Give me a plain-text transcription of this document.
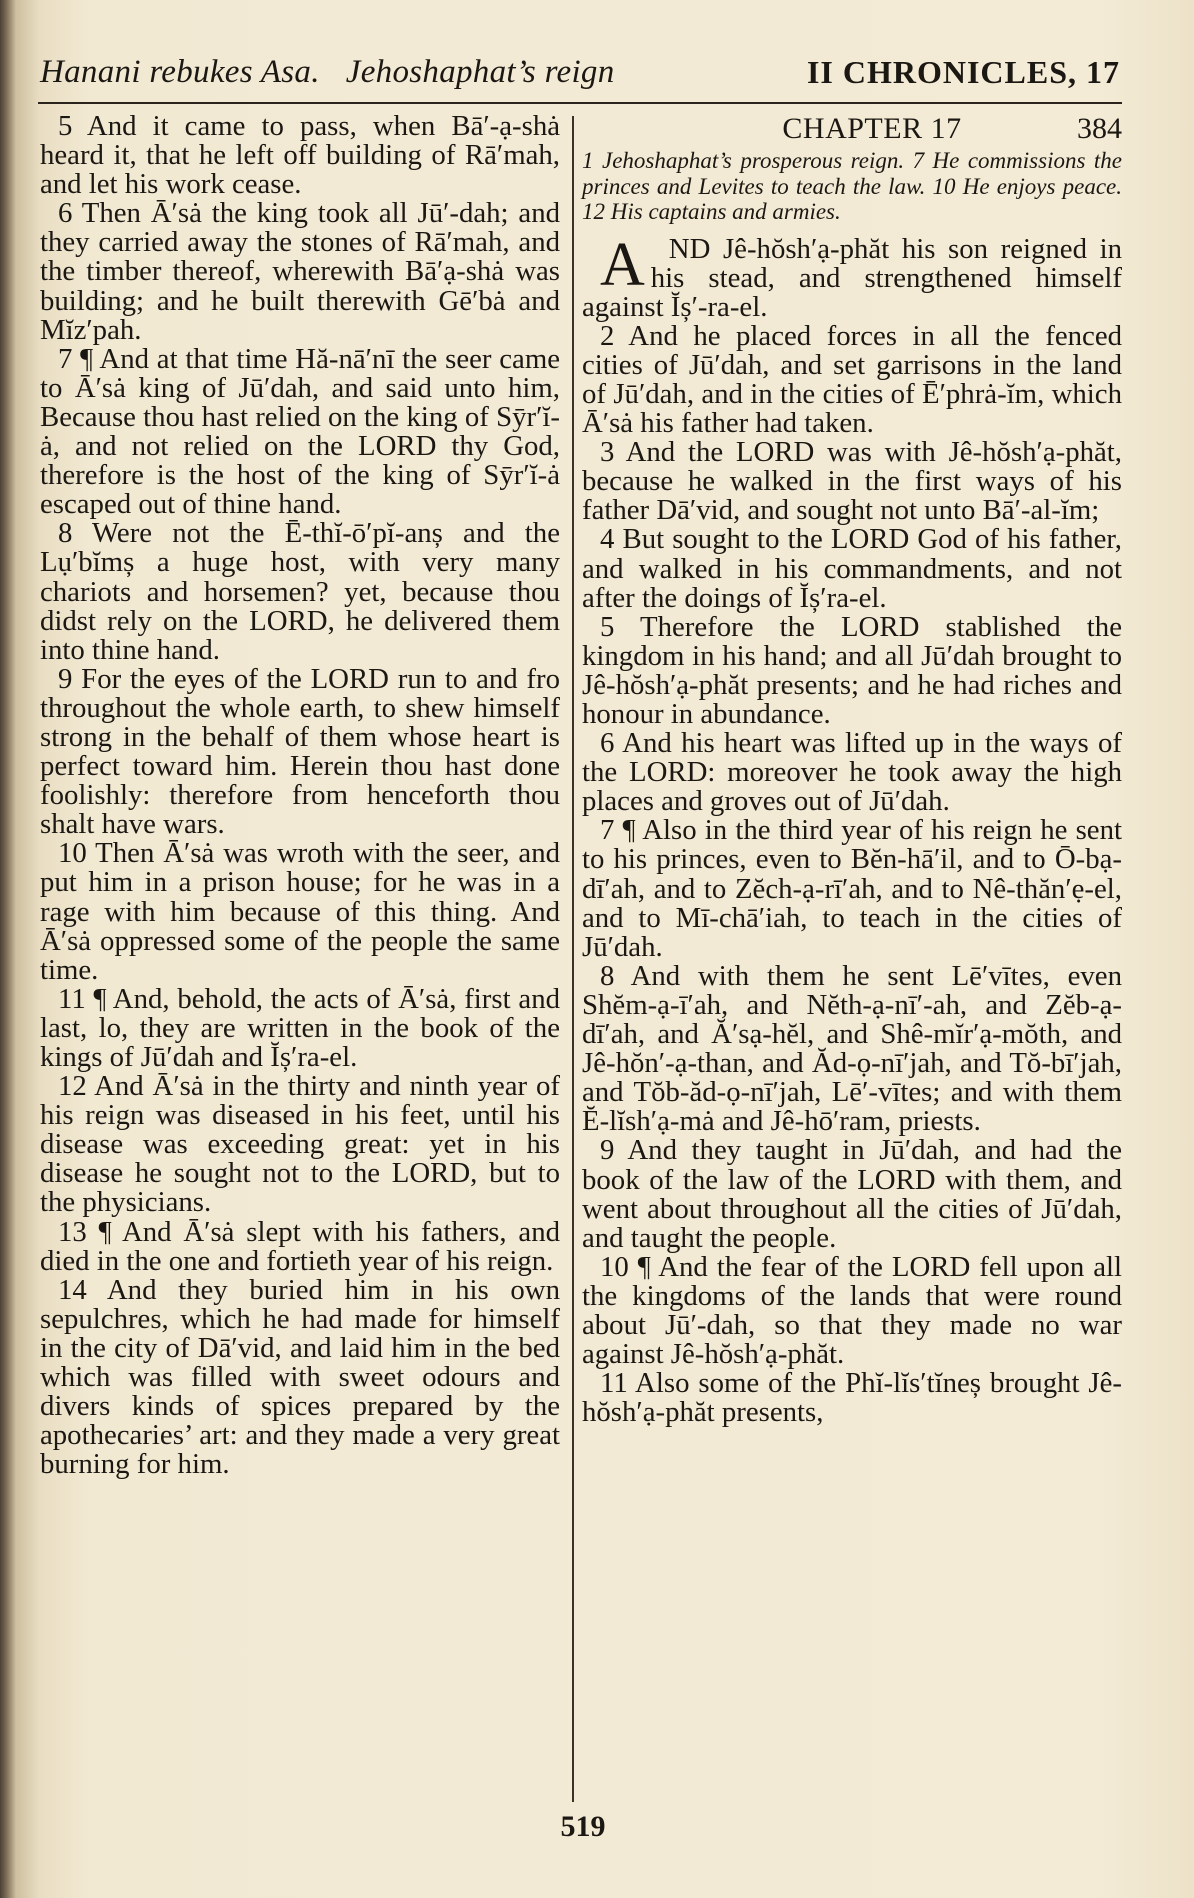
Hanani rebukes Asa. Jehoshaphat’s reign	II CHRONICLES, 17

5 And it came to pass, when Bā′-ạ-shȧ heard it, that he left off building of Rā′mah, and let his work cease.

6 Then Ā′sȧ the king took all Jū′-dah; and they carried away the stones of Rā′mah, and the timber thereof, wherewith Bā′ạ-shȧ was building; and he built therewith Gē′bȧ and Mĭz′pah.

7 ¶ And at that time Hă-nā′nī the seer came to Ā′sȧ king of Jū′dah, and said unto him, Because thou hast relied on the king of Sȳr′ĭ-ȧ, and not relied on the LORD thy God, therefore is the host of the king of Sȳr′ĭ-ȧ escaped out of thine hand.

8 Were not the Ē-thĭ-ō′pĭ-anș and the Lụ′bĭmș a huge host, with very many chariots and horsemen? yet, because thou didst rely on the LORD, he delivered them into thine hand.

9 For the eyes of the LORD run to and fro throughout the whole earth, to shew himself strong in the behalf of them whose heart is perfect toward him. Herein thou hast done foolishly: therefore from henceforth thou shalt have wars.

10 Then Ā′sȧ was wroth with the seer, and put him in a prison house; for he was in a rage with him because of this thing. And Ā′sȧ oppressed some of the people the same time.

11 ¶ And, behold, the acts of Ā′sȧ, first and last, lo, they are written in the book of the kings of Jū′dah and Ĭș′ra-el.

12 And Ā′sȧ in the thirty and ninth year of his reign was diseased in his feet, until his disease was exceeding great: yet in his disease he sought not to the LORD, but to the physicians.

13 ¶ And Ā′sȧ slept with his fathers, and died in the one and fortieth year of his reign.

14 And they buried him in his own sepulchres, which he had made for himself in the city of Dā′vid, and laid him in the bed which was filled with sweet odours and divers kinds of spices prepared by the apothecaries’ art: and they made a very great burning for him.

CHAPTER 17	384
1 Jehoshaphat’s prosperous reign. 7 He commissions the princes and Levites to teach the law. 10 He enjoys peace. 12 His captains and armies.

AND Jê-hŏsh′ạ-phăt his son reigned in his stead, and strengthened himself against Ĭș′-ra-el.

2 And he placed forces in all the fenced cities of Jū′dah, and set garrisons in the land of Jū′dah, and in the cities of Ē′phrȧ-ĭm, which Ā′sȧ his father had taken.

3 And the LORD was with Jê-hŏsh′ạ-phăt, because he walked in the first ways of his father Dā′vid, and sought not unto Bā′-al-ĭm;

4 But sought to the LORD God of his father, and walked in his commandments, and not after the doings of Ĭș′ra-el.

5 Therefore the LORD stablished the kingdom in his hand; and all Jū′dah brought to Jê-hŏsh′ạ-phăt presents; and he had riches and honour in abundance.

6 And his heart was lifted up in the ways of the LORD: moreover he took away the high places and groves out of Jū′dah.

7 ¶ Also in the third year of his reign he sent to his princes, even to Bĕn-hā′il, and to Ō-bạ-dī′ah, and to Zĕch-ạ-rī′ah, and to Nê-thăn′ẹ-el, and to Mī-chā′iah, to teach in the cities of Jū′dah.

8 And with them he sent Lē′vītes, even Shĕm-ạ-ī′ah, and Nĕth-ạ-nī′-ah, and Zĕb-ạ-dī′ah, and Ă′sạ-hĕl, and Shê-mĭr′ạ-mŏth, and Jê-hŏn′-ạ-than, and Ăd-ọ-nī′jah, and Tŏ-bī′jah, and Tŏb-ăd-ọ-nī′jah, Lē′-vītes; and with them Ĕ-lĭsh′ạ-mȧ and Jê-hō′ram, priests.

9 And they taught in Jū′dah, and had the book of the law of the LORD with them, and went about throughout all the cities of Jū′dah, and taught the people.

10 ¶ And the fear of the LORD fell upon all the kingdoms of the lands that were round about Jū′-dah, so that they made no war against Jê-hŏsh′ạ-phăt.

11 Also some of the Phĭ-lĭs′tĭneș brought Jê-hŏsh′ạ-phăt presents,

519
